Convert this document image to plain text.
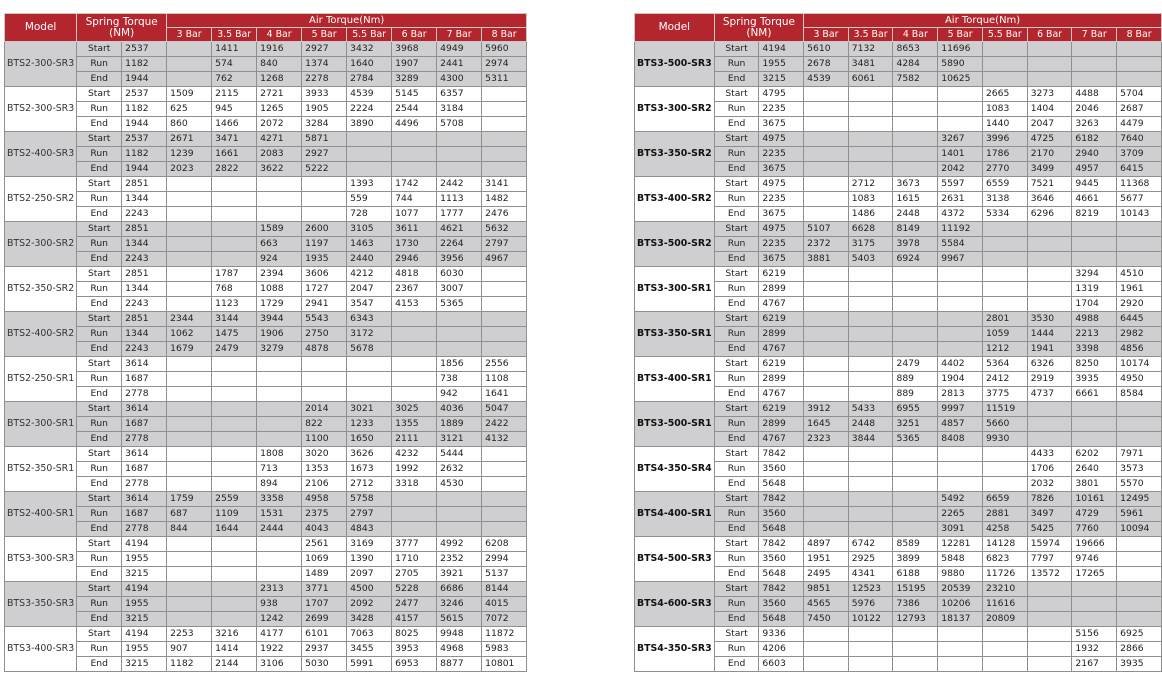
Model	Spring Torque
(NM)		Air Torque(Nm)							
			3 Bar	3.5 Bar	4 Bar	5 Bar	5.5 Bar	6 Bar	7 Bar	8 Bar
BTS2-300-SR3	Start	2537		1411	1916	2927	3432	3968	4949	5960
	Run	1182		574	840	1374	1640	1907	2441	2974
	End	1944		762	1268	2278	2784	3289	4300	5311
BTS2-300-SR3	Start	2537	1509	2115	2721	3933	4539	5145	6357	
	Run	1182	625	945	1265	1905	2224	2544	3184	
	End	1944	860	1466	2072	3284	3890	4496	5708	
BTS2-400-SR3	Start	2537	2671	3471	4271	5871				
	Run	1182	1239	1661	2083	2927				
	End	1944	2023	2822	3622	5222				
BTS2-250-SR2	Start	2851					1393	1742	2442	3141
	Run	1344					559	744	1113	1482
	End	2243					728	1077	1777	2476
BTS2-300-SR2	Start	2851			1589	2600	3105	3611	4621	5632
	Run	1344			663	1197	1463	1730	2264	2797
	End	2243			924	1935	2440	2946	3956	4967
BTS2-350-SR2	Start	2851		1787	2394	3606	4212	4818	6030	
	Run	1344		768	1088	1727	2047	2367	3007	
	End	2243		1123	1729	2941	3547	4153	5365	
BTS2-400-SR2	Start	2851	2344	3144	3944	5543	6343			
	Run	1344	1062	1475	1906	2750	3172			
	End	2243	1679	2479	3279	4878	5678			
BTS2-250-SR1	Start	3614							1856	2556
	Run	1687							738	1108
	End	2778							942	1641
BTS2-300-SR1	Start	3614				2014	3021	3025	4036	5047
	Run	1687				822	1233	1355	1889	2422
	End	2778				1100	1650	2111	3121	4132
BTS2-350-SR1	Start	3614			1808	3020	3626	4232	5444	
	Run	1687			713	1353	1673	1992	2632	
	End	2778			894	2106	2712	3318	4530	
BTS2-400-SR1	Start	3614	1759	2559	3358	4958	5758			
	Run	1687	687	1109	1531	2375	2797			
	End	2778	844	1644	2444	4043	4843			
BTS3-300-SR3	Start	4194				2561	3169	3777	4992	6208
	Run	1955				1069	1390	1710	2352	2994
	End	3215				1489	2097	2705	3921	5137
BTS3-350-SR3	Start	4194			2313	3771	4500	5228	6686	8144
	Run	1955			938	1707	2092	2477	3246	4015
	End	3215			1242	2699	3428	4157	5615	7072
BTS3-400-SR3	Start	4194	2253	3216	4177	6101	7063	8025	9948	11872
	Run	1955	907	1414	1922	2937	3455	3953	4968	5983
	End	3215	1182	2144	3106	5030	5991	6953	8877	10801
Model	Spring Torque
(NM)		Air Torque(Nm)							
			3 Bar	3.5 Bar	4 Bar	5 Bar	5.5 Bar	6 Bar	7 Bar	8 Bar
BTS3-500-SR3	Start	4194	5610	7132	8653	11696				
	Run	1955	2678	3481	4284	5890				
	End	3215	4539	6061	7582	10625				
BTS3-300-SR2	Start	4795					2665	3273	4488	5704
	Run	2235					1083	1404	2046	2687
	End	3675					1440	2047	3263	4479
BTS3-350-SR2	Start	4975				3267	3996	4725	6182	7640
	Run	2235				1401	1786	2170	2940	3709
	End	3675				2042	2770	3499	4957	6415
BTS3-400-SR2	Start	4975		2712	3673	5597	6559	7521	9445	11368
	Run	2235		1083	1615	2631	3138	3646	4661	5677
	End	3675		1486	2448	4372	5334	6296	8219	10143
BTS3-500-SR2	Start	4975	5107	6628	8149	11192				
	Run	2235	2372	3175	3978	5584				
	End	3675	3881	5403	6924	9967				
BTS3-300-SR1	Start	6219							3294	4510
	Run	2899							1319	1961
	End	4767							1704	2920
BTS3-350-SR1	Start	6219					2801	3530	4988	6445
	Run	2899					1059	1444	2213	2982
	End	4767					1212	1941	3398	4856
BTS3-400-SR1	Start	6219			2479	4402	5364	6326	8250	10174
	Run	2899			889	1904	2412	2919	3935	4950
	End	4767			889	2813	3775	4737	6661	8584
BTS3-500-SR1	Start	6219	3912	5433	6955	9997	11519			
	Run	2899	1645	2448	3251	4857	5660			
	End	4767	2323	3844	5365	8408	9930			
BTS4-350-SR4	Start	7842						4433	6202	7971
	Run	3560						1706	2640	3573
	End	5648						2032	3801	5570
BTS4-400-SR1	Start	7842				5492	6659	7826	10161	12495
	Run	3560				2265	2881	3497	4729	5961
	End	5648				3091	4258	5425	7760	10094
BTS4-500-SR3	Start	7842	4897	6742	8589	12281	14128	15974	19666	
	Run	3560	1951	2925	3899	5848	6823	7797	9746	
	End	5648	2495	4341	6188	9880	11726	13572	17265	
BTS4-600-SR3	Start	7842	9851	12523	15195	20539	23210			
	Run	3560	4565	5976	7386	10206	11616			
	End	5648	7450	10122	12793	18137	20809			
BTS4-350-SR3	Start	9336							5156	6925
	Run	4206							1932	2866
	End	6603							2167	3935
